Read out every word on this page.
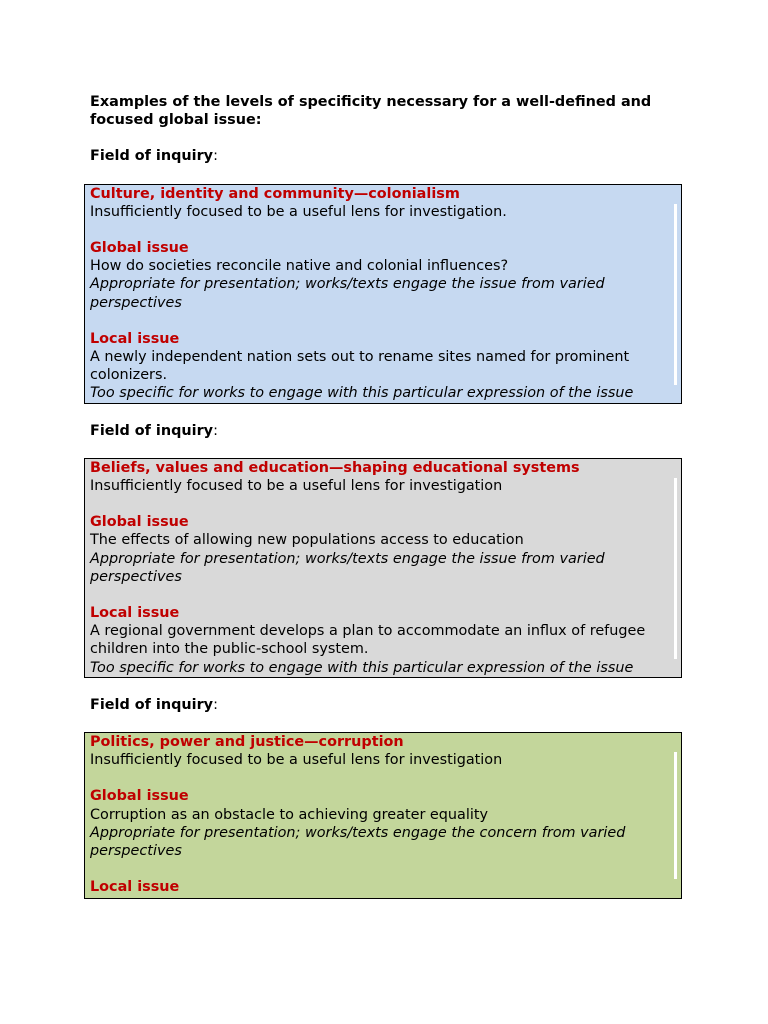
Examples of the levels of specificity necessary for a well-defined and focused global issue:

Field of inquiry:
Culture, identity and community—colonialism
Insufficiently focused to be a useful lens for investigation.
Global issue
How do societies reconcile native and colonial influences?
Appropriate for presentation; works/texts engage the issue from varied perspectives
Local issue
A newly independent nation sets out to rename sites named for prominent colonizers.
Too specific for works to engage with this particular expression of the issue
Field of inquiry:
Beliefs, values and education—shaping educational systems
Insufficiently focused to be a useful lens for investigation
Global issue
The effects of allowing new populations access to education
Appropriate for presentation; works/texts engage the issue from varied perspectives
Local issue
A regional government develops a plan to accommodate an influx of refugee children into the public-school system.
Too specific for works to engage with this particular expression of the issue
Field of inquiry:
Politics, power and justice—corruption
Insufficiently focused to be a useful lens for investigation
Global issue
Corruption as an obstacle to achieving greater equality
Appropriate for presentation; works/texts engage the concern from varied perspectives
Local issue
